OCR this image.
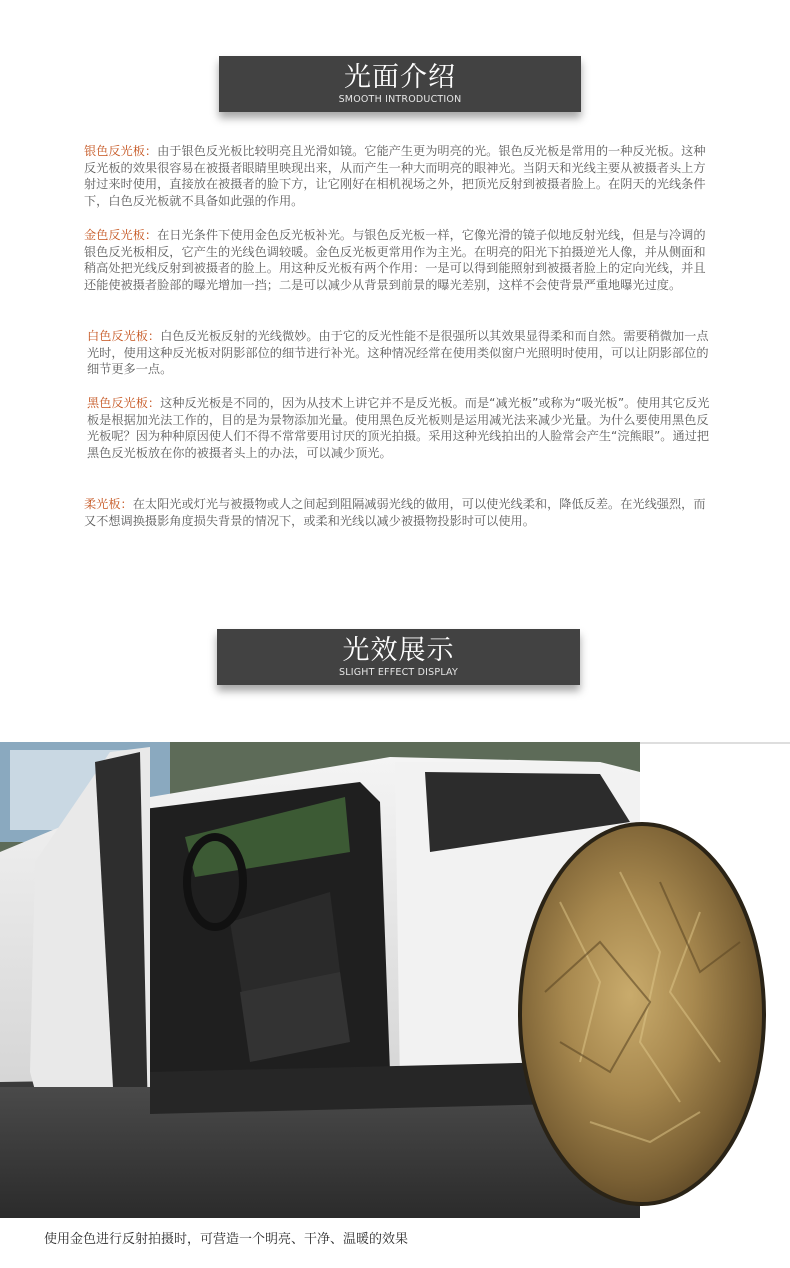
光面介绍
SMOOTH INTRODUCTION

银色反光板：由于银色反光板比较明亮且光滑如镜。它能产生更为明亮的光。银色反光板是常用的一种反光板。这种反光板的效果很容易在被摄者眼睛里映现出来，从而产生一种大而明亮的眼神光。当阴天和光线主要从被摄者头上方射过来时使用，直接放在被摄者的脸下方，让它刚好在相机视场之外，把顶光反射到被摄者脸上。在阴天的光线条件下，白色反光板就不具备如此强的作用。

金色反光板：在日光条件下使用金色反光板补光。与银色反光板一样，它像光滑的镜子似地反射光线，但是与冷调的银色反光板相反，它产生的光线色调较暖。金色反光板更常用作为主光。在明亮的阳光下拍摄逆光人像，并从侧面和稍高处把光线反射到被摄者的脸上。用这种反光板有两个作用：一是可以得到能照射到被摄者脸上的定向光线，并且还能使被摄者脸部的曝光增加一挡；二是可以减少从背景到前景的曝光差别，这样不会使背景严重地曝光过度。

白色反光板：白色反光板反射的光线微妙。由于它的反光性能不是很强所以其效果显得柔和而自然。需要稍微加一点光时，使用这种反光板对阴影部位的细节进行补光。这种情况经常在使用类似窗户光照明时使用，可以让阴影部位的细节更多一点。

黑色反光板：这种反光板是不同的，因为从技术上讲它并不是反光板。而是“减光板”或称为“吸光板”。使用其它反光板是根据加光法工作的，目的是为景物添加光量。使用黑色反光板则是运用减光法来减少光量。为什么要使用黑色反光板呢？因为种种原因使人们不得不常常要用讨厌的顶光拍摄。采用这种光线拍出的人脸常会产生“浣熊眼”。通过把黑色反光板放在你的被摄者头上的办法，可以减少顶光。

柔光板：在太阳光或灯光与被摄物或人之间起到阻隔减弱光线的做用，可以使光线柔和，降低反差。在光线强烈，而又不想调换摄影角度损失背景的情况下，或柔和光线以减少被摄物投影时可以使用。

光效展示
SLIGHT EFFECT DISPLAY

使用金色进行反射拍摄时，可营造一个明亮、干净、温暖的效果
